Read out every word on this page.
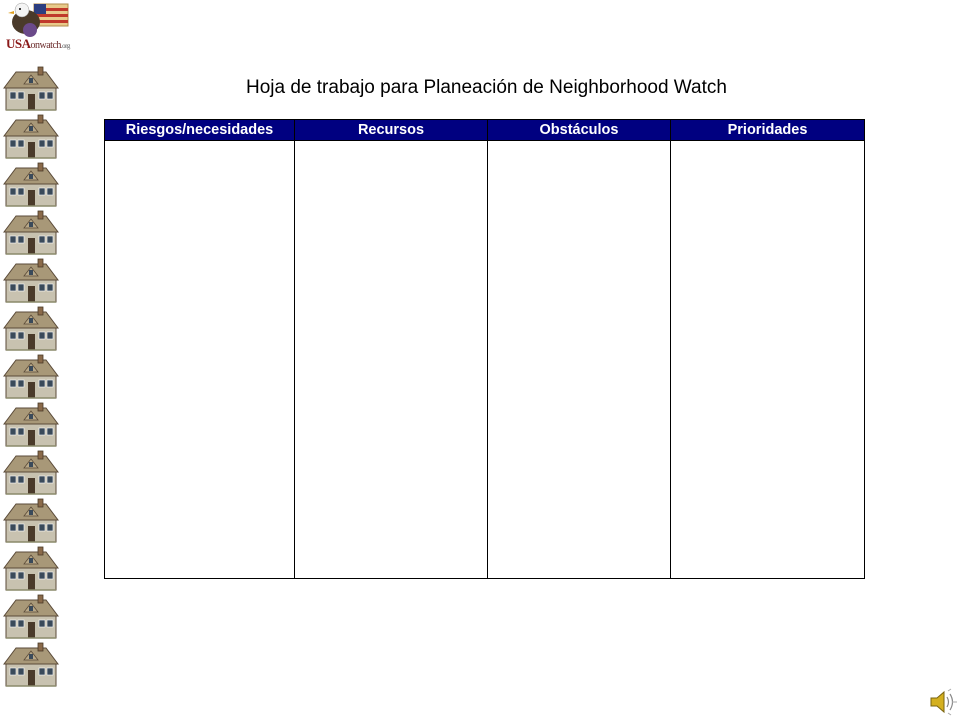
USAonwatch.org
Hoja de trabajo para Planeación de Neighborhood Watch
Riesgos/necesidades	Recursos	Obstáculos	Prioridades
